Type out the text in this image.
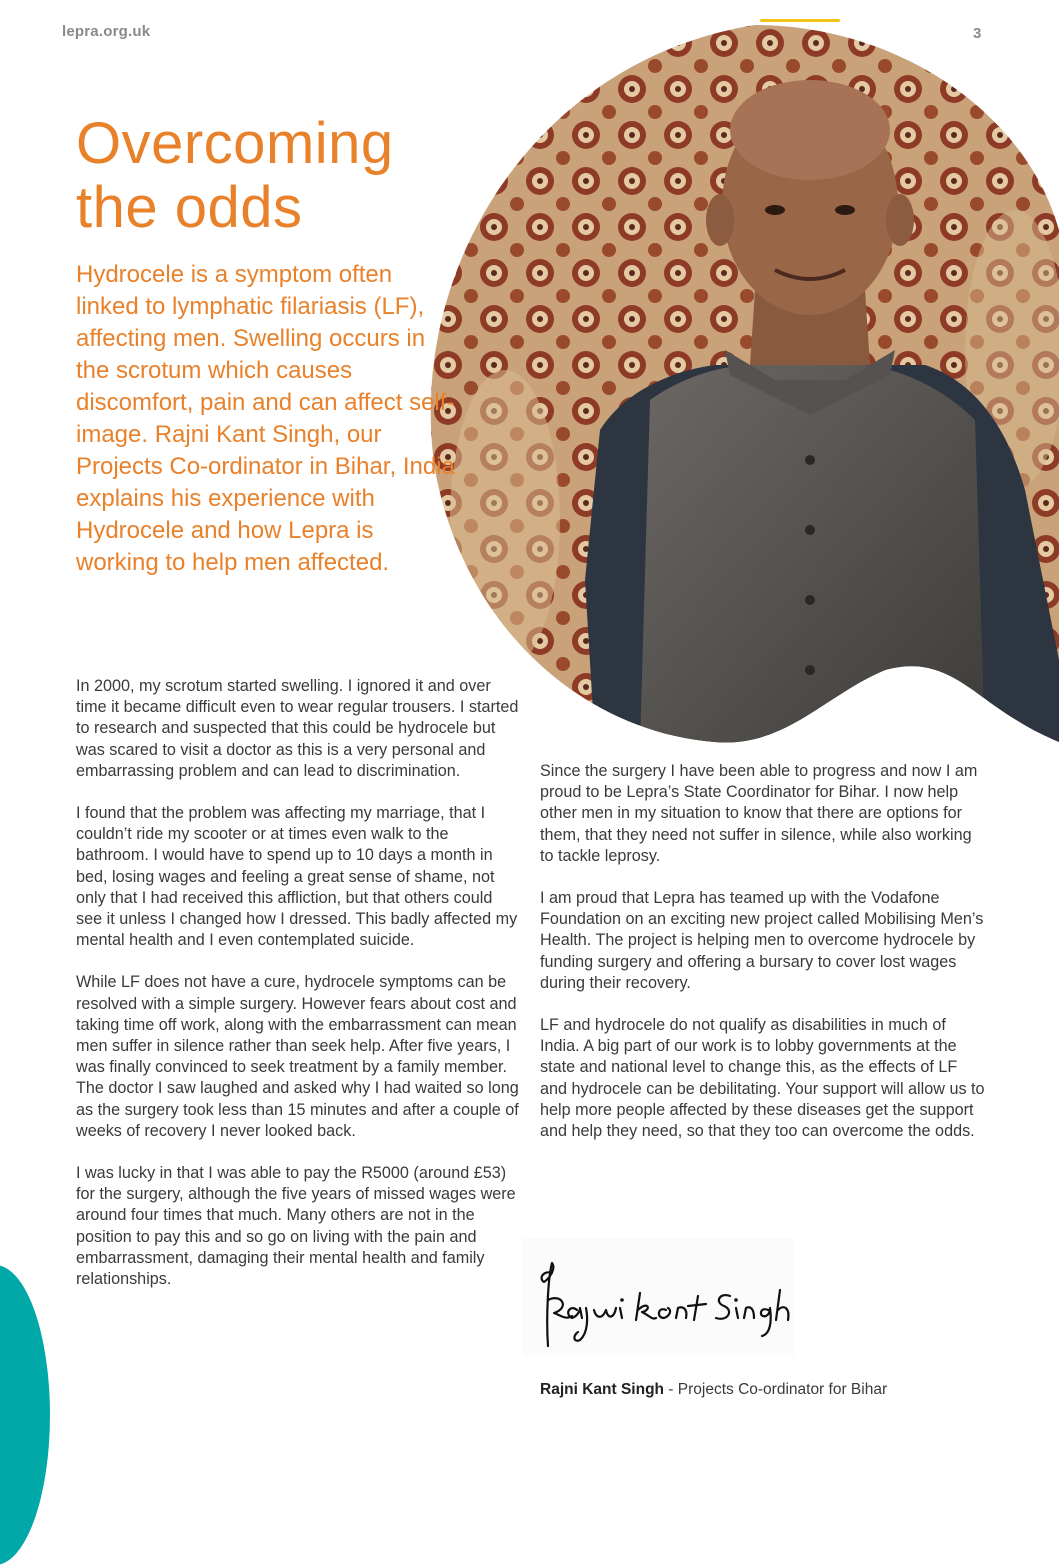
lepra.org.uk	3
Overcoming
the odds

Hydrocele is a symptom often linked to lymphatic filariasis (LF), affecting men. Swelling occurs in the scrotum which causes discomfort, pain and can affect self-image. Rajni Kant Singh, our Projects Co-ordinator in Bihar, India explains his experience with Hydrocele and how Lepra is working to help men affected.

In 2000, my scrotum started swelling. I ignored it and over time it became difficult even to wear regular trousers. I started to research and suspected that this could be hydrocele but was scared to visit a doctor as this is a very personal and embarrassing problem and can lead to discrimination.

I found that the problem was affecting my marriage, that I couldn’t ride my scooter or at times even walk to the bathroom. I would have to spend up to 10 days a month in bed, losing wages and feeling a great sense of shame, not only that I had received this affliction, but that others could see it unless I changed how I dressed. This badly affected my mental health and I even contemplated suicide.

While LF does not have a cure, hydrocele symptoms can be resolved with a simple surgery. However fears about cost and taking time off work, along with the embarrassment can mean men suffer in silence rather than seek help. After five years, I was finally convinced to seek treatment by a family member. The doctor I saw laughed and asked why I had waited so long as the surgery took less than 15 minutes and after a couple of weeks of recovery I never looked back.

I was lucky in that I was able to pay the R5000 (around £53) for the surgery, although the five years of missed wages were around four times that much. Many others are not in the position to pay this and so go on living with the pain and embarrassment, damaging their mental health and family relationships.

Since the surgery I have been able to progress and now I am proud to be Lepra’s State Coordinator for Bihar. I now help other men in my situation to know that there are options for them, that they need not suffer in silence, while also working to tackle leprosy.

I am proud that Lepra has teamed up with the Vodafone Foundation on an exciting new project called Mobilising Men’s Health. The project is helping men to overcome hydrocele by funding surgery and offering a bursary to cover lost wages during their recovery.

LF and hydrocele do not qualify as disabilities in much of India. A big part of our work is to lobby governments at the state and national level to change this, as the effects of LF and hydrocele can be debilitating. Your support will allow us to help more people affected by these diseases get the support and help they need, so that they too can overcome the odds.

Rajni Kant Singh - Projects Co-ordinator for Bihar
